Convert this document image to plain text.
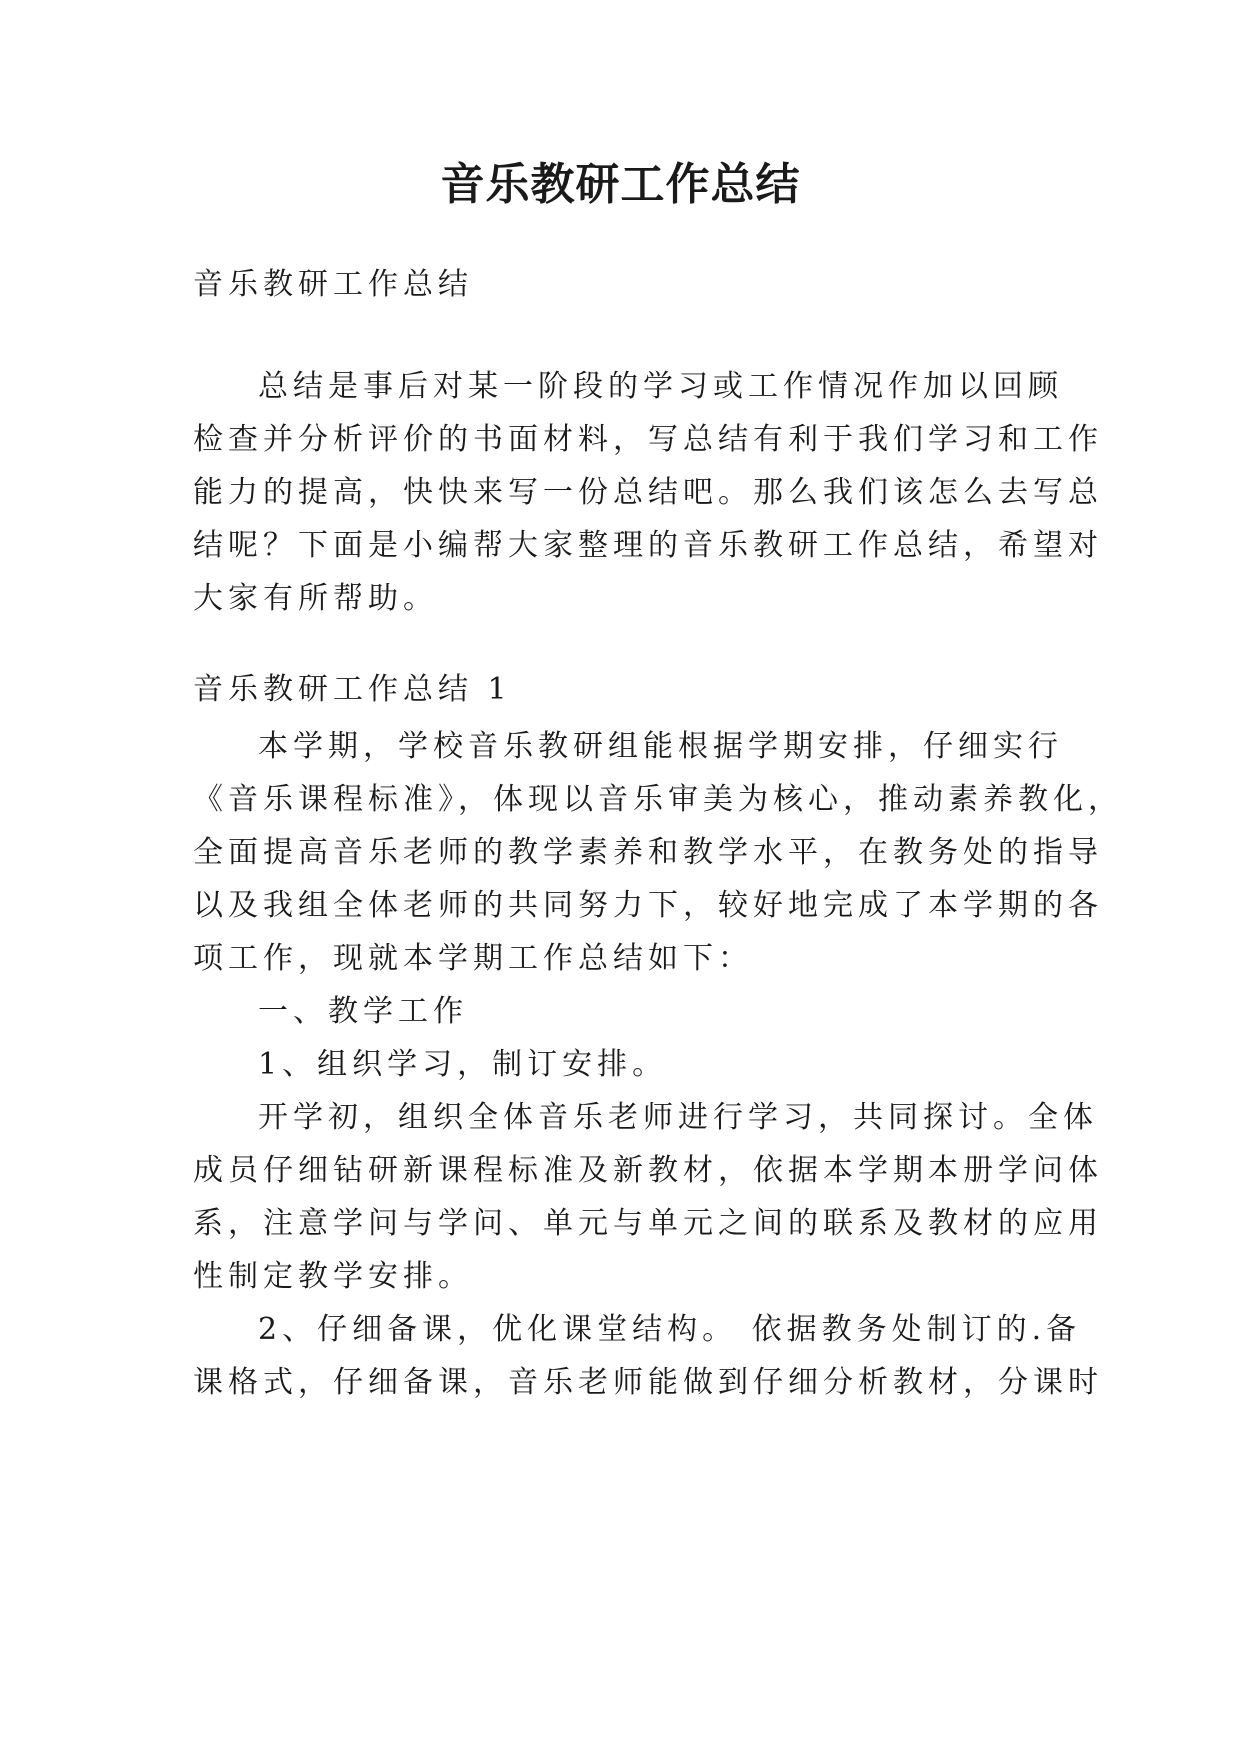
音乐教研工作总结
音乐教研工作总结
总结是事后对某一阶段的学习或工作情况作加以回顾
检查并分析评价的书面材料，写总结有利于我们学习和工作
能力的提高，快快来写一份总结吧。那么我们该怎么去写总
结呢？下面是小编帮大家整理的音乐教研工作总结，希望对
大家有所帮助。
音乐教研工作总结 1
本学期，学校音乐教研组能根据学期安排，仔细实行
《音乐课程标准》，体现以音乐审美为核心，推动素养教化，
全面提高音乐老师的教学素养和教学水平，在教务处的指导
以及我组全体老师的共同努力下，较好地完成了本学期的各
项工作，现就本学期工作总结如下：
一、教学工作
1、组织学习，制订安排。
开学初，组织全体音乐老师进行学习，共同探讨。全体
成员仔细钻研新课程标准及新教材，依据本学期本册学问体
系，注意学问与学问、单元与单元之间的联系及教材的应用
性制定教学安排。
2、仔细备课，优化课堂结构。 依据教务处制订的.备
课格式，仔细备课，音乐老师能做到仔细分析教材，分课时
